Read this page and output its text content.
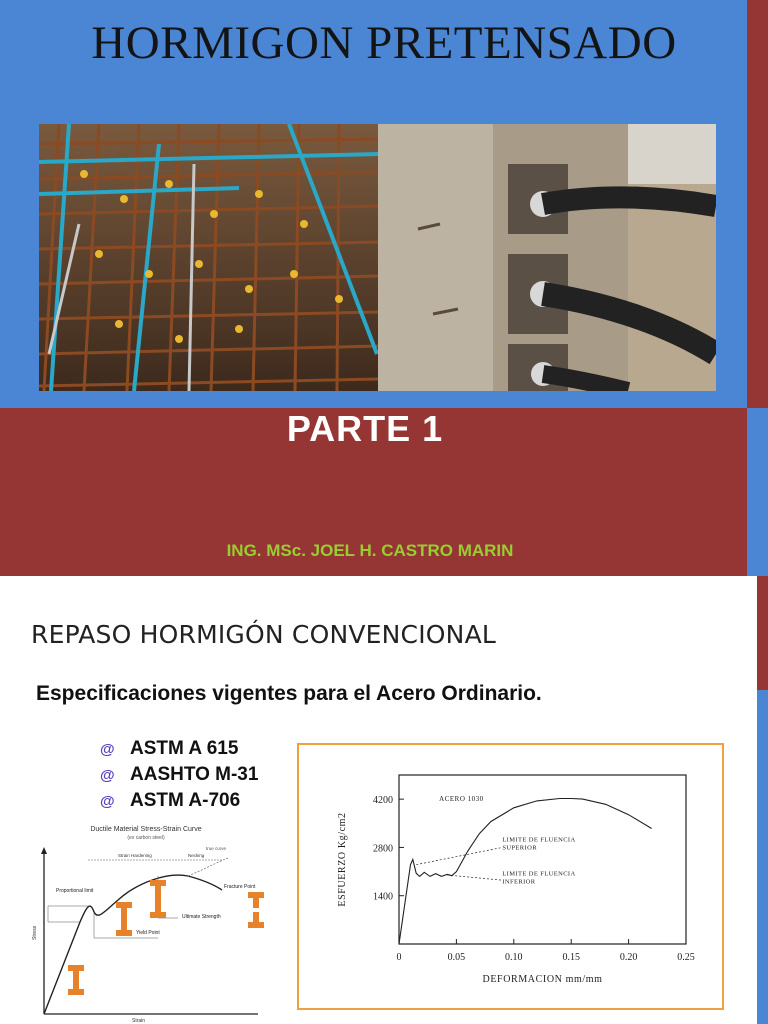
HORMIGON PRETENSADO
PARTE 1
ING. MSc. JOEL H. CASTRO MARIN
REPASO HORMIGÓN CONVENCIONAL
Especificaciones vigentes para el Acero Ordinario.
@ ASTM A 615
@ AASHTO M-31
@ ASTM A-706
Ductile Material Stress-Strain Curve
(ex carbon steel)
Stress
Strain
Strain Hardening	Necking
true curve
Proportional limit
Yield Point
Ultimate Strength
Fracture Point
0	0.05	0.10	0.15	0.20	0.25
1400
2800
4200
DEFORMACION mm/mm
ESFUERZO Kg/cm2
ACERO 1030
LIMITE DE FLUENCIA
SUPERIOR
LIMITE DE FLUENCIA
INFERIOR
